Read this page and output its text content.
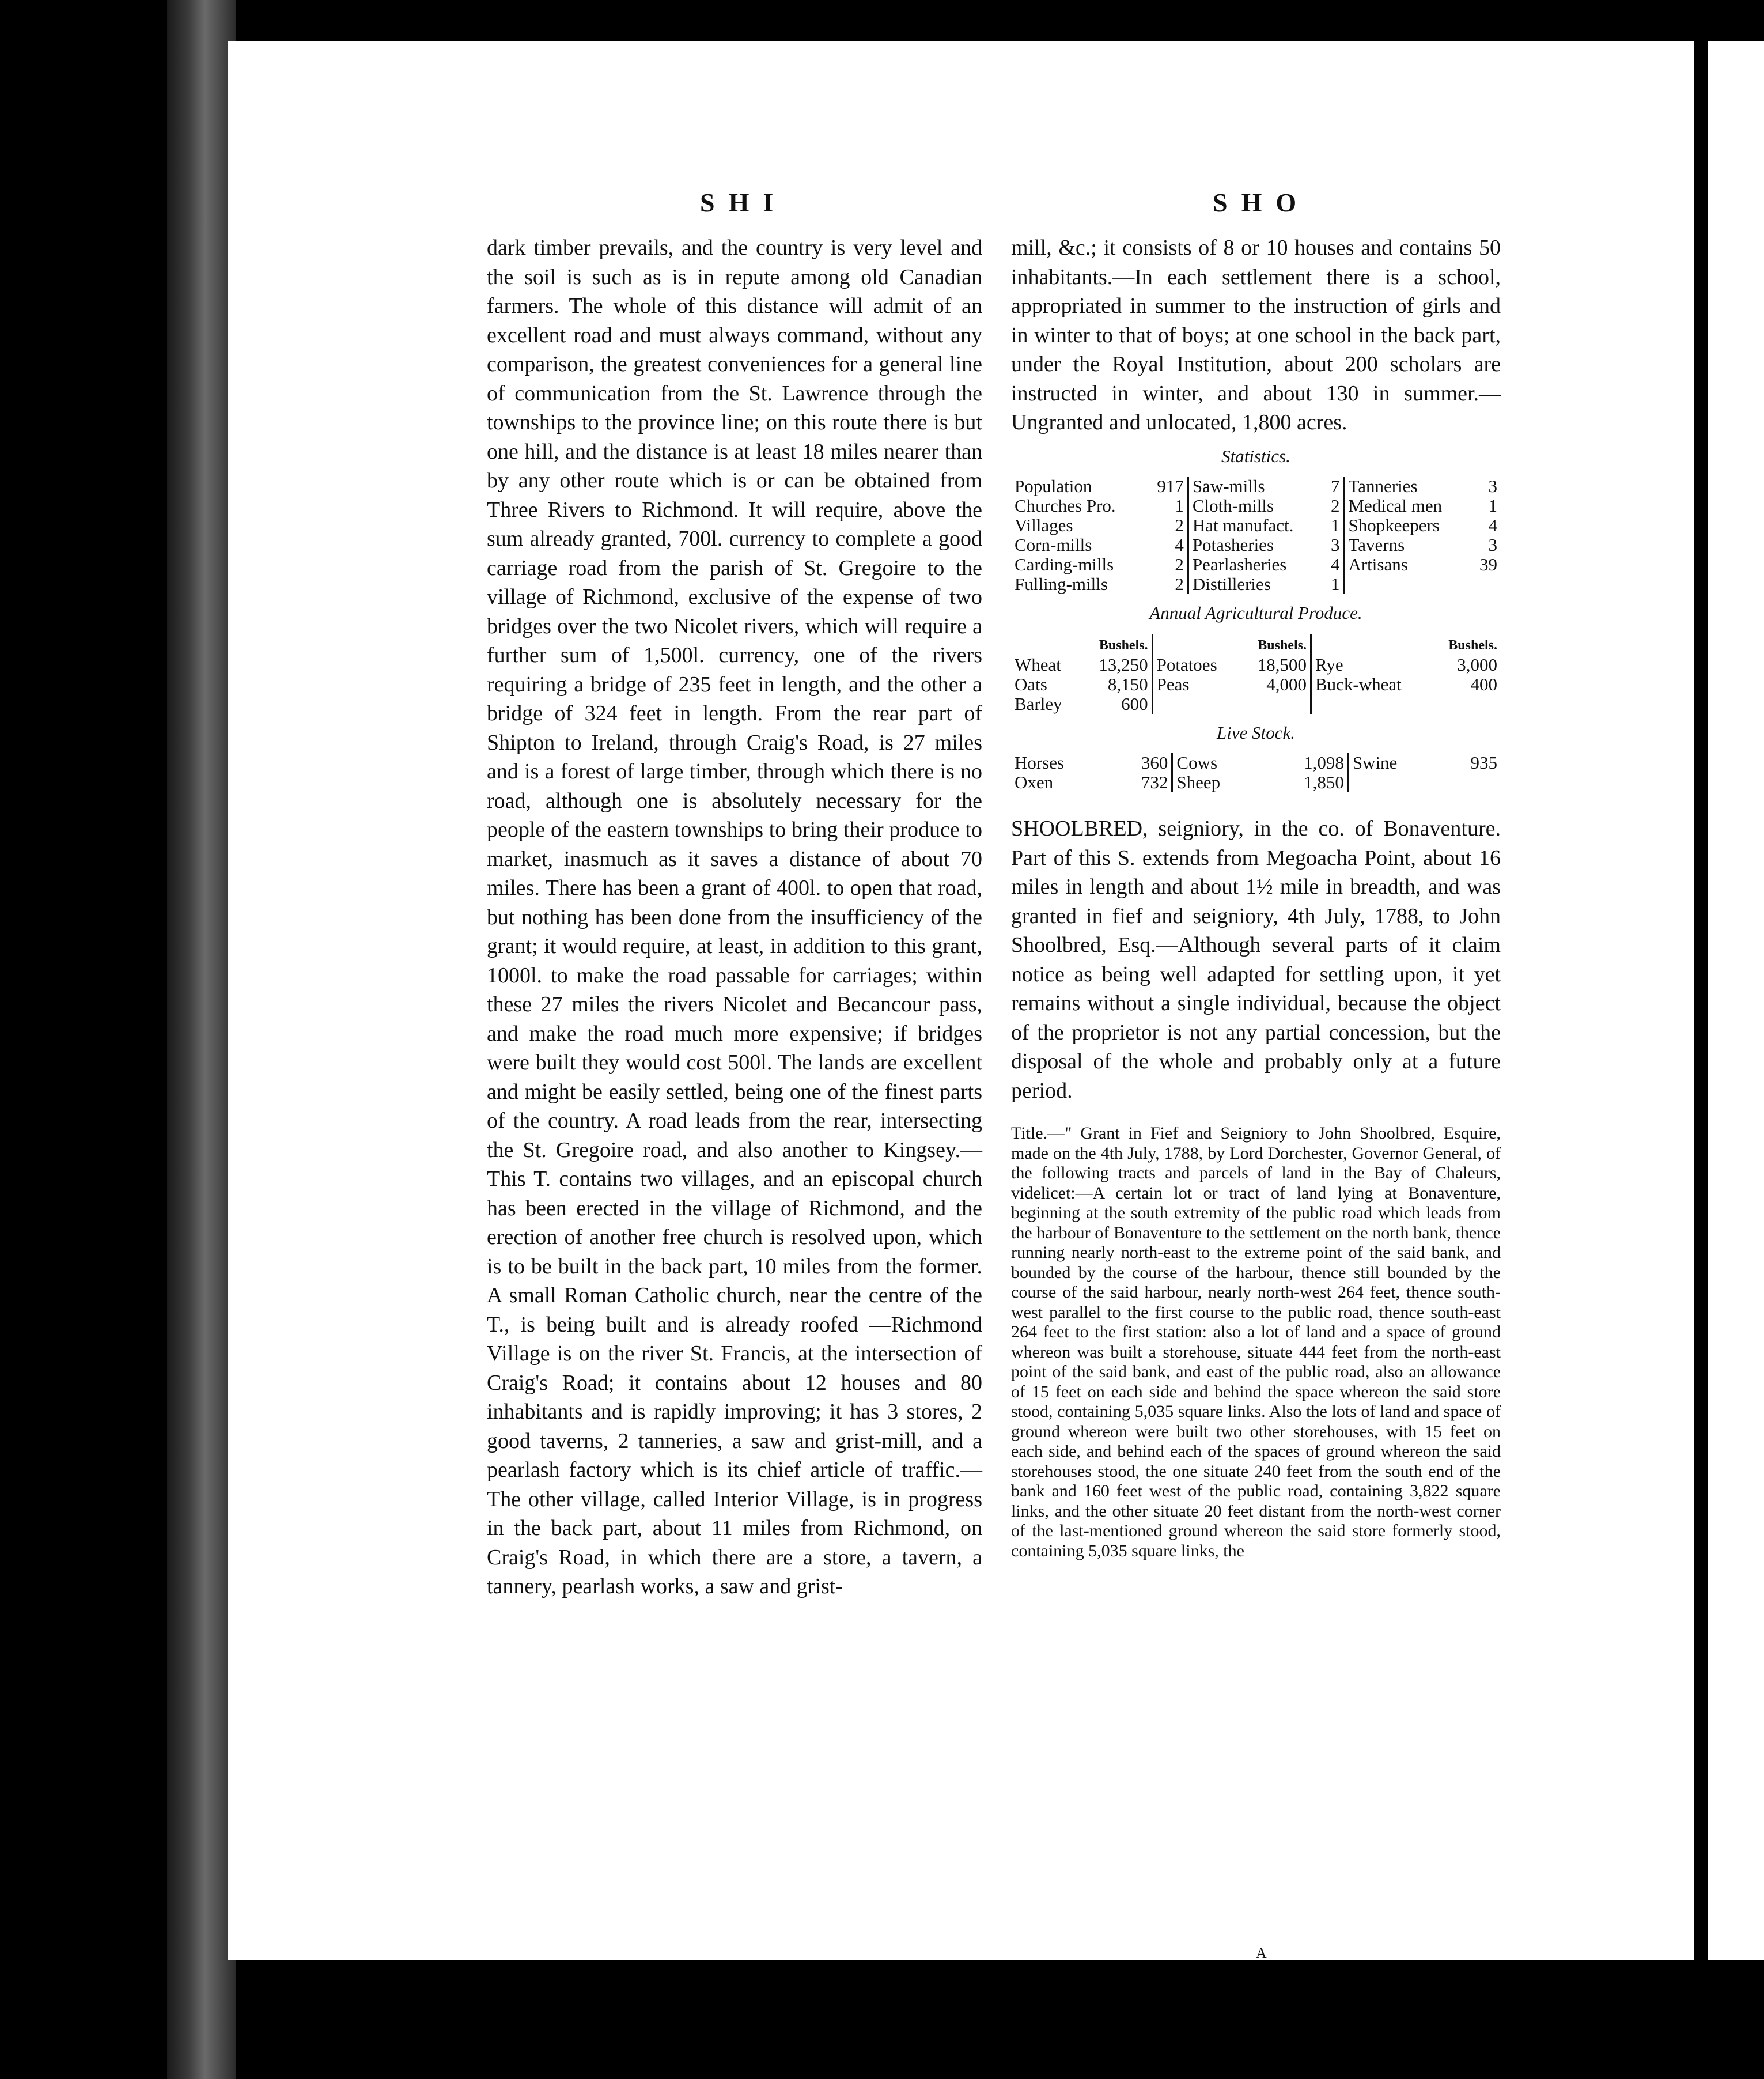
SHI	SHO

dark timber prevails, and the country is very level and the soil is such as is in repute among old Canadian farmers. The whole of this distance will admit of an excellent road and must always command, without any comparison, the greatest conveniences for a general line of communication from the St. Lawrence through the townships to the province line; on this route there is but one hill, and the distance is at least 18 miles nearer than by any other route which is or can be obtained from Three Rivers to Richmond. It will require, above the sum already granted, 700l. currency to complete a good carriage road from the parish of St. Gregoire to the village of Richmond, exclusive of the expense of two bridges over the two Nicolet rivers, which will require a further sum of 1,500l. currency, one of the rivers requiring a bridge of 235 feet in length, and the other a bridge of 324 feet in length. From the rear part of Shipton to Ireland, through Craig's Road, is 27 miles and is a forest of large timber, through which there is no road, although one is absolutely necessary for the people of the eastern townships to bring their produce to market, inasmuch as it saves a distance of about 70 miles. There has been a grant of 400l. to open that road, but nothing has been done from the insufficiency of the grant; it would require, at least, in addition to this grant, 1000l. to make the road passable for carriages; within these 27 miles the rivers Nicolet and Becancour pass, and make the road much more expensive; if bridges were built they would cost 500l. The lands are excellent and might be easily settled, being one of the finest parts of the country. A road leads from the rear, intersecting the St. Gregoire road, and also another to Kingsey.—This T. contains two villages, and an episcopal church has been erected in the village of Richmond, and the erection of another free church is resolved upon, which is to be built in the back part, 10 miles from the former. A small Roman Catholic church, near the centre of the T., is being built and is already roofed —Richmond Village is on the river St. Francis, at the intersection of Craig's Road; it contains about 12 houses and 80 inhabitants and is rapidly improving; it has 3 stores, 2 good taverns, 2 tanneries, a saw and grist-mill, and a pearlash factory which is its chief article of traffic.—The other village, called Interior Village, is in progress in the back part, about 11 miles from Richmond, on Craig's Road, in which there are a store, a tavern, a tannery, pearlash works, a saw and grist-

mill, &c.; it consists of 8 or 10 houses and contains 50 inhabitants.—In each settlement there is a school, appropriated in summer to the instruction of girls and in winter to that of boys; at one school in the back part, under the Royal Institution, about 200 scholars are instructed in winter, and about 130 in summer.—Ungranted and unlocated, 1,800 acres.

Statistics.
Population	917	Saw-mills	7	Tanneries	3
Churches Pro.	1	Cloth-mills	2	Medical men	1
Villages	2	Hat manufact.	1	Shopkeepers	4
Corn-mills	4	Potasheries	3	Taverns	3
Carding-mills	2	Pearlasheries	4	Artisans	39
Fulling-mills	2	Distilleries	1		
Annual Agricultural Produce.
	Bushels.		Bushels.		Bushels.
Wheat	13,250	Potatoes	18,500	Rye	3,000
Oats	8,150	Peas	4,000	Buck-wheat	400
Barley	600				
Live Stock.
Horses	360	Cows	1,098	Swine	935
Oxen	732	Sheep	1,850		

SHOOLBRED, seigniory, in the co. of Bonaventure. Part of this S. extends from Megoacha Point, about 16 miles in length and about 1½ mile in breadth, and was granted in fief and seigniory, 4th July, 1788, to John Shoolbred, Esq.—Although several parts of it claim notice as being well adapted for settling upon, it yet remains without a single individual, because the object of the proprietor is not any partial concession, but the disposal of the whole and probably only at a future period.

Title.—" Grant in Fief and Seigniory to John Shoolbred, Esquire, made on the 4th July, 1788, by Lord Dorchester, Governor General, of the following tracts and parcels of land in the Bay of Chaleurs, videlicet:—A certain lot or tract of land lying at Bonaventure, beginning at the south extremity of the public road which leads from the harbour of Bonaventure to the settlement on the north bank, thence running nearly north-east to the extreme point of the said bank, and bounded by the course of the harbour, thence still bounded by the course of the said harbour, nearly north-west 264 feet, thence south-west parallel to the first course to the public road, thence south-east 264 feet to the first station: also a lot of land and a space of ground whereon was built a storehouse, situate 444 feet from the north-east point of the said bank, and east of the public road, also an allowance of 15 feet on each side and behind the space whereon the said store stood, containing 5,035 square links. Also the lots of land and space of ground whereon were built two other storehouses, with 15 feet on each side, and behind each of the spaces of ground whereon the said storehouses stood, the one situate 240 feet from the south end of the bank and 160 feet west of the public road, containing 3,822 square links, and the other situate 20 feet distant from the north-west corner of the last-mentioned ground whereon the said store formerly stood, containing 5,035 square links, the

A
